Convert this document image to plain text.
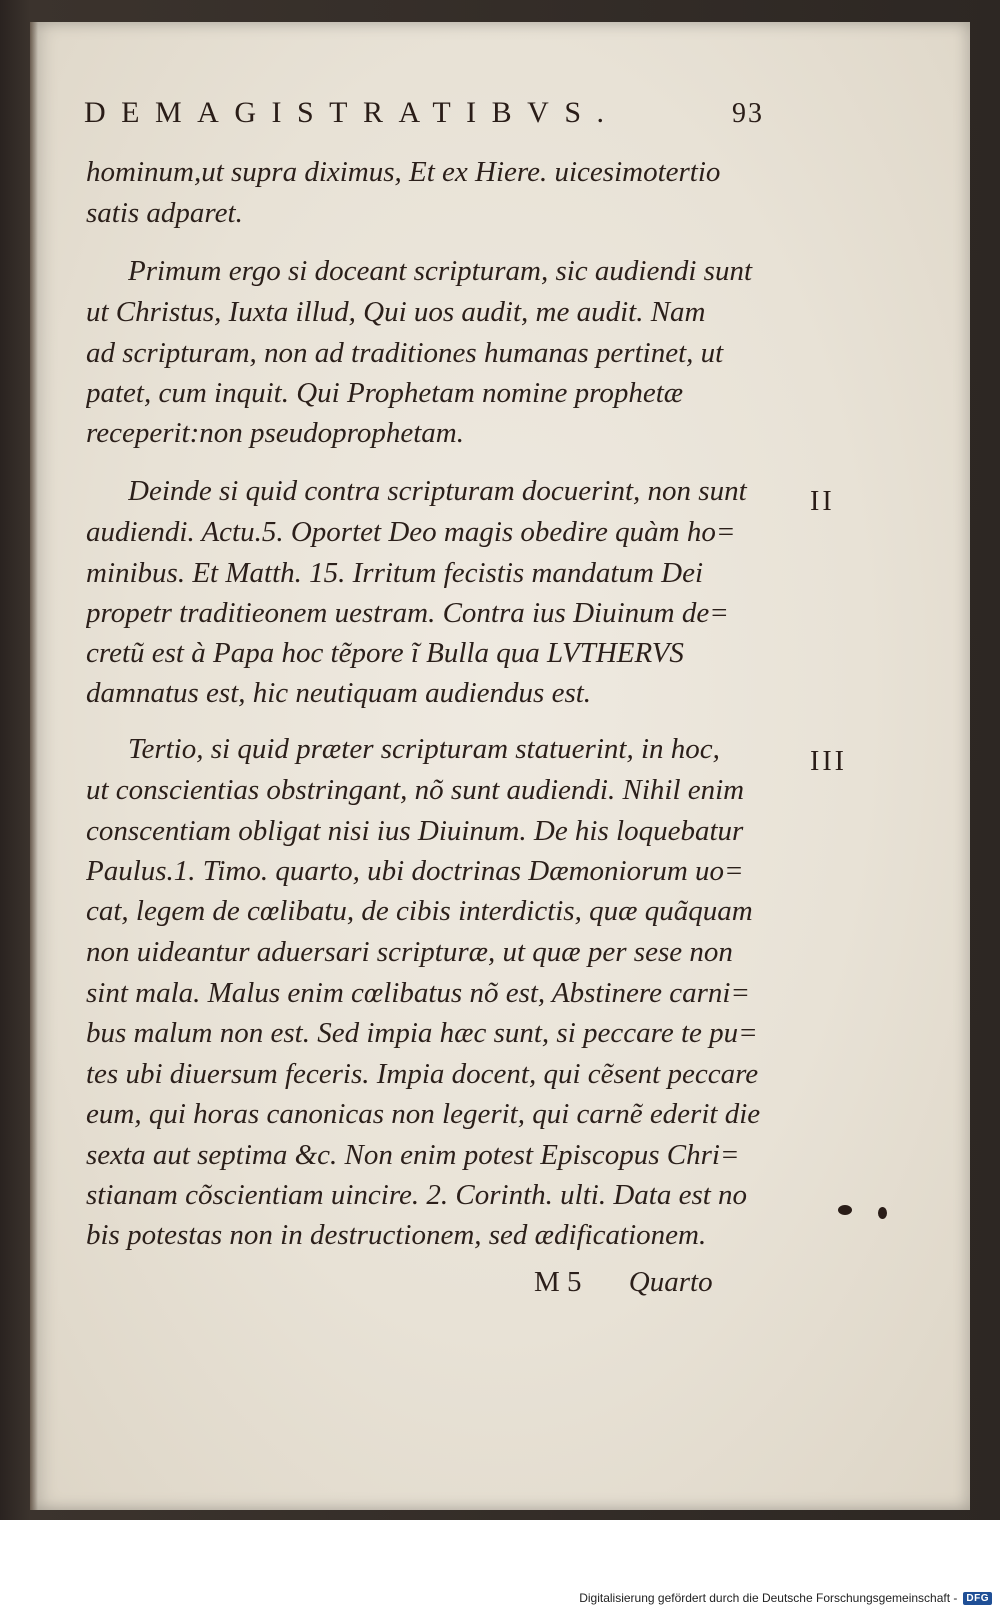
DEMAGISTRATIBVS.	93
hominum,ut supra diximus, Et ex Hiere. uicesimotertio
satis adparet.
Primum ergo si doceant scripturam, sic audiendi sunt
ut Christus, Iuxta illud, Qui uos audit, me audit. Nam
ad scripturam, non ad traditiones humanas pertinet, ut
patet, cum inquit. Qui Prophetam nomine prophetæ
receperit:non pseudoprophetam.
Deinde si quid contra scripturam docuerint, non sunt
audiendi. Actu.5. Oportet Deo magis obedire quàm ho=
minibus. Et Matth. 15. Irritum fecistis mandatum Dei
propetr traditieonem uestram. Contra ius Diuinum de=
cretũ est à Papa hoc tẽpore ĩ Bulla qua LVTHERVS
damnatus est, hic neutiquam audiendus est.
Tertio, si quid præter scripturam statuerint, in hoc,
ut conscientias obstringant, nõ sunt audiendi. Nihil enim
conscentiam obligat nisi ius Diuinum. De his loquebatur
Paulus.1. Timo. quarto, ubi doctrinas Dæmoniorum uo=
cat, legem de cœlibatu, de cibis interdictis, quæ quãquam
non uideantur aduersari scripturæ, ut quæ per sese non
sint mala. Malus enim cœlibatus nõ est, Abstinere carni=
bus malum non est. Sed impia hæc sunt, si peccare te pu=
tes ubi diuersum feceris. Impia docent, qui cẽsent peccare
eum, qui horas canonicas non legerit, qui carnẽ ederit die
sexta aut septima &c. Non enim potest Episcopus Chri=
stianam cõscientiam uincire. 2. Corinth. ulti. Data est no
bis potestas non in destructionem, sed ædificationem.
M 5 Quarto
II
III
Digitalisierung gefördert durch die Deutsche Forschungsgemeinschaft - DFG
